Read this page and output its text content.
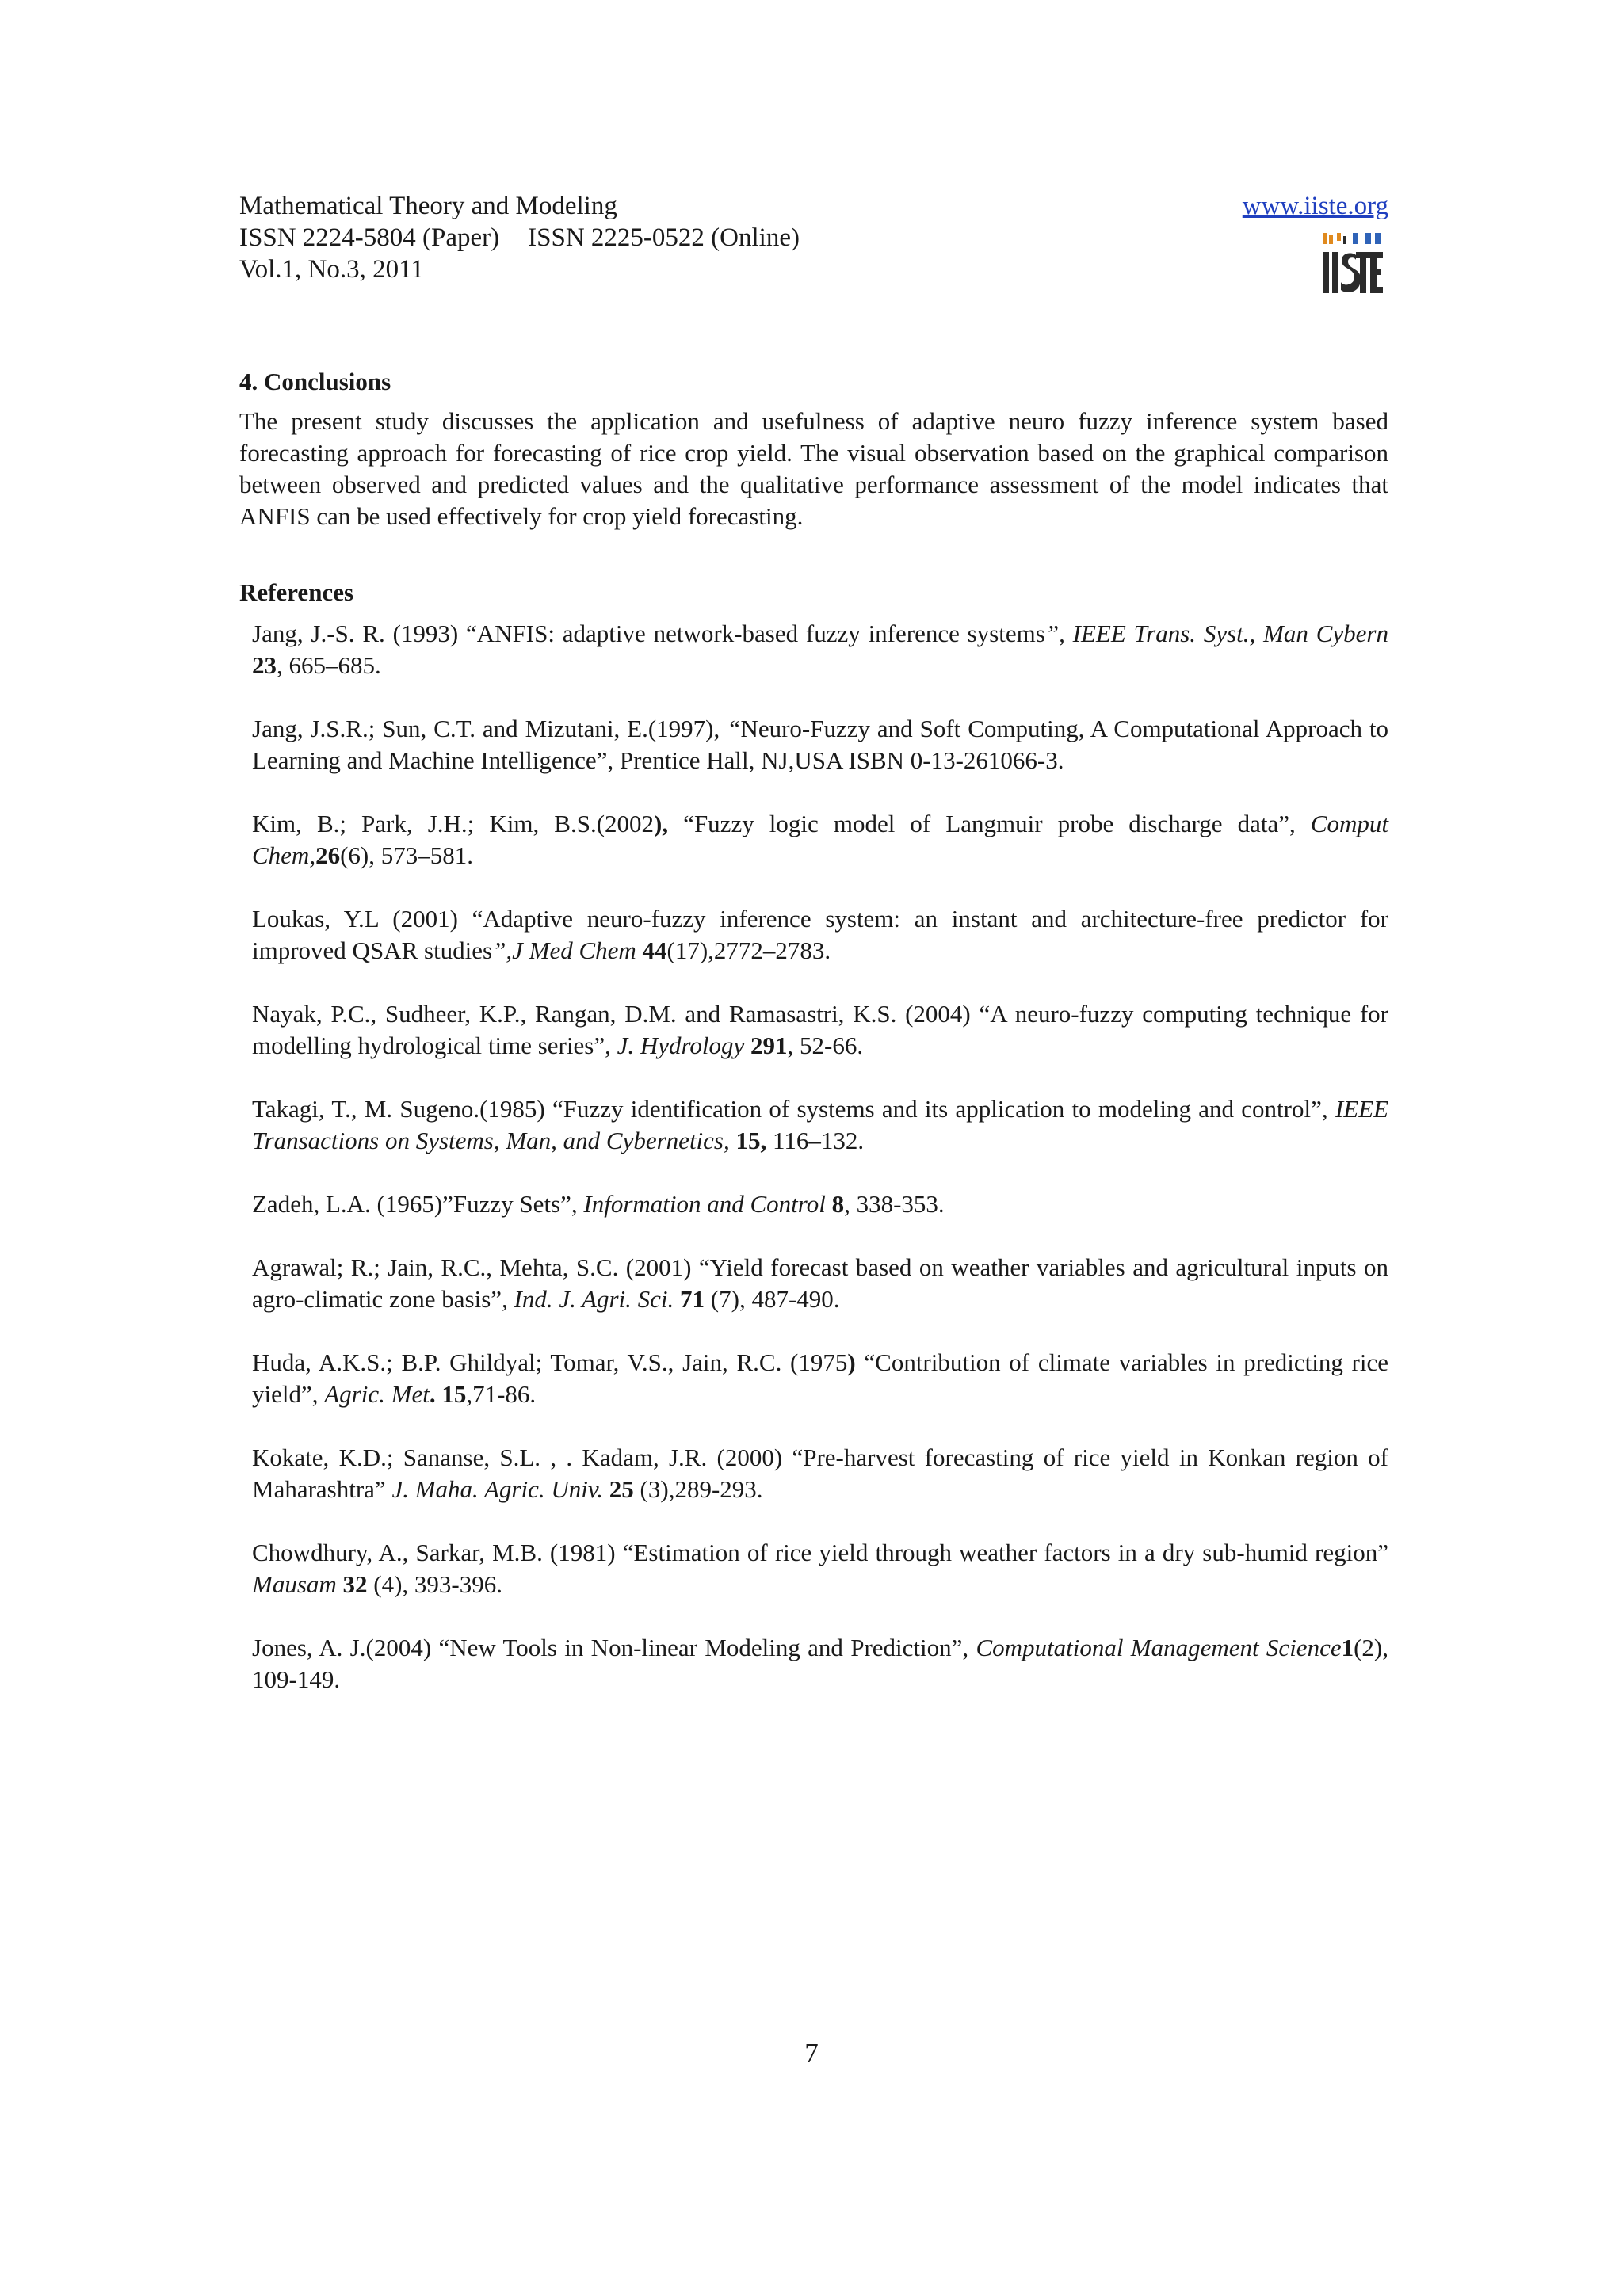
Mathematical Theory and Modeling
ISSN 2224-5804 (Paper) ISSN 2225-0522 (Online)
Vol.1, No.3, 2011
www.iiste.org
4. Conclusions

The present study discusses the application and usefulness of adaptive neuro fuzzy inference system based forecasting approach for forecasting of rice crop yield. The visual observation based on the graphical comparison between observed and predicted values and the qualitative performance assessment of the model indicates that ANFIS can be used effectively for crop yield forecasting.

References
Jang, J.-S. R. (1993) “ANFIS: adaptive network-based fuzzy inference systems”, IEEE Trans. Syst., Man Cybern 23, 665–685.
Jang, J.S.R.; Sun, C.T. and Mizutani, E.(1997), “Neuro-Fuzzy and Soft Computing, A Computational Approach to Learning and Machine Intelligence”, Prentice Hall, NJ,USA ISBN 0-13-261066-3.
Kim, B.; Park, J.H.; Kim, B.S.(2002), “Fuzzy logic model of Langmuir probe discharge data”, Comput Chem,26(6), 573–581.
Loukas, Y.L (2001) “Adaptive neuro-fuzzy inference system: an instant and architecture-free predictor for improved QSAR studies”,J Med Chem 44(17),2772–2783.
Nayak, P.C., Sudheer, K.P., Rangan, D.M. and Ramasastri, K.S. (2004) “A neuro-fuzzy computing technique for modelling hydrological time series”, J. Hydrology 291, 52-66.
Takagi, T., M. Sugeno.(1985) “Fuzzy identification of systems and its application to modeling and control”, IEEE Transactions on Systems, Man, and Cybernetics, 15, 116–132.
Zadeh, L.A. (1965)”Fuzzy Sets”, Information and Control 8, 338-353.
Agrawal; R.; Jain, R.C., Mehta, S.C. (2001) “Yield forecast based on weather variables and agricultural inputs on agro-climatic zone basis”, Ind. J. Agri. Sci. 71 (7), 487-490.
Huda, A.K.S.; B.P. Ghildyal; Tomar, V.S., Jain, R.C. (1975) “Contribution of climate variables in predicting rice yield”, Agric. Met. 15,71-86.
Kokate, K.D.; Sananse, S.L. , . Kadam, J.R. (2000) “Pre-harvest forecasting of rice yield in Konkan region of Maharashtra” J. Maha. Agric. Univ. 25 (3),289-293.
Chowdhury, A., Sarkar, M.B. (1981) “Estimation of rice yield through weather factors in a dry sub-humid region” Mausam 32 (4), 393-396.
Jones, A. J.(2004) “New Tools in Non-linear Modeling and Prediction”, Computational Management Science1(2), 109-149.
7
